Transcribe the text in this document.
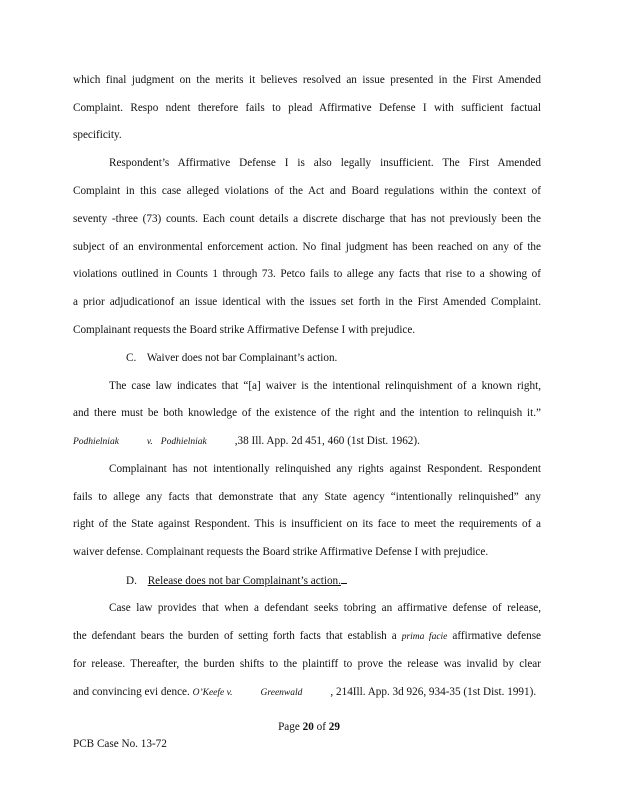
which final judgment on the merits it believes resolved an issue presented in the First Amended
Complaint. Respo ndent therefore fails to plead Affirmative Defense I with sufficient factual
specificity.
Respondent’s Affirmative Defense I is also legally insufficient. The First Amended
Complaint in this case alleged violations of the Act and Board regulations within the context of
seventy -three (73) counts. Each count details a discrete discharge that has not previously been the
subject of an environmental enforcement action. No final judgment has been reached on any of the
violations outlined in Counts 1 through 73. Petco fails to allege any facts that rise to a showing of
a prior adjudicationof an issue identical with the issues set forth in the First Amended Complaint.
Complainant requests the Board strike Affirmative Defense I with prejudice.
C. Waiver does not bar Complainant’s action.
The case law indicates that “[a] waiver is the intentional relinquishment of a known right,
and there must be both knowledge of the existence of the right and the intention to relinquish it.”
Podhielniak	v. Podhielniak	,38 Ill. App. 2d 451, 460 (1st Dist. 1962).
Complainant has not intentionally relinquished any rights against Respondent. Respondent
fails to allege any facts that demonstrate that any State agency “intentionally relinquished” any
right of the State against Respondent. This is insufficient on its face to meet the requirements of a
waiver defense. Complainant requests the Board strike Affirmative Defense I with prejudice.
D. Release does not bar Complainant’s action.
Case law provides that when a defendant seeks tobring an affirmative defense of release,
the defendant bears the burden of setting forth facts that establish a prima facie affirmative defense
for release. Thereafter, the burden shifts to the plaintiff to prove the release was invalid by clear
and convincing evi dence. O’Keefe v.	Greenwald	, 214Ill. App. 3d 926, 934-35 (1st Dist. 1991).
Page 20 of 29
PCB Case No. 13-72
